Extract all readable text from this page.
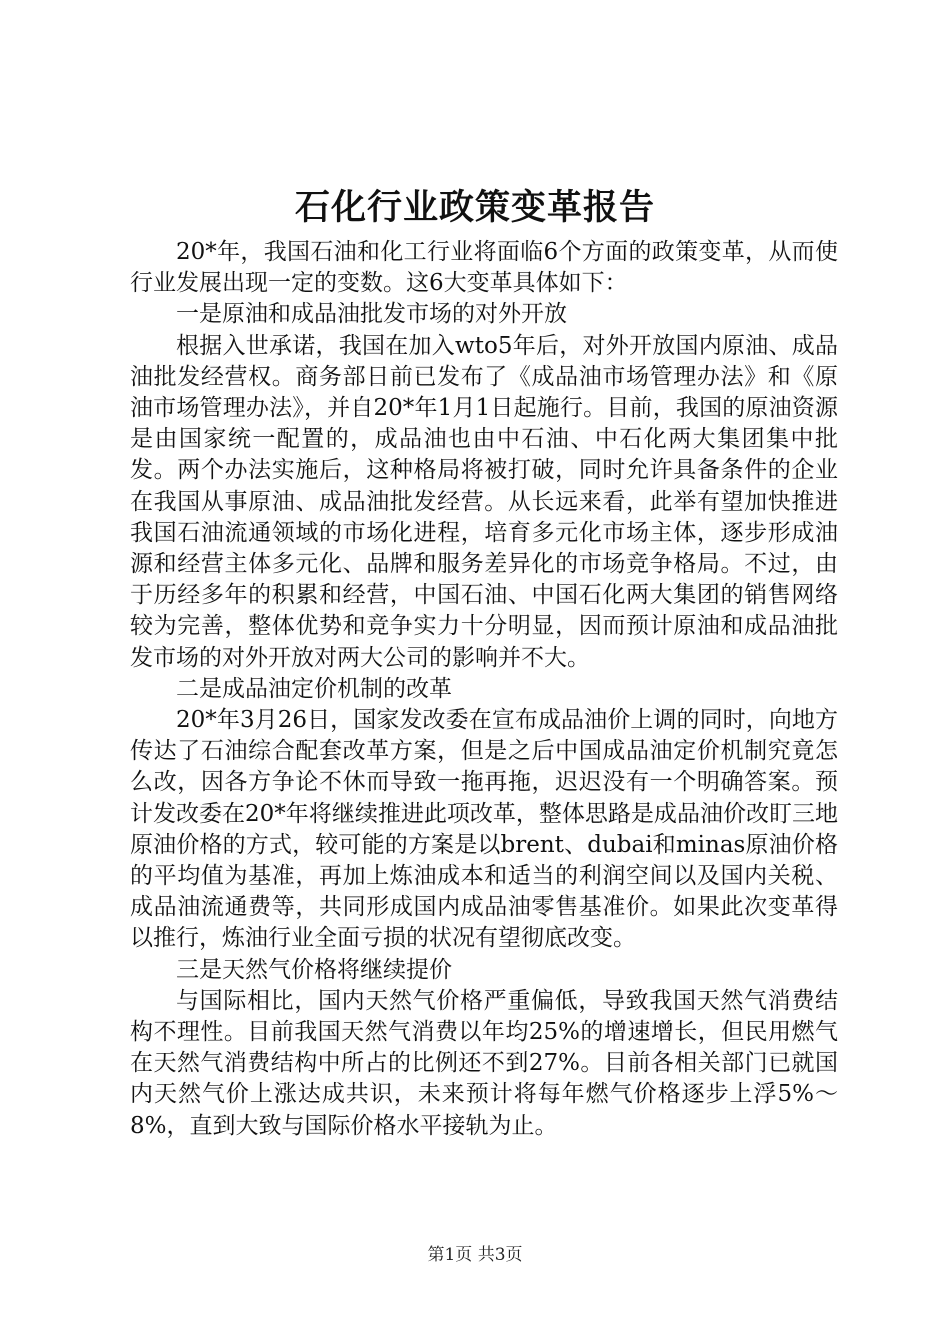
石化行业政策变革报告

20*年，我国石油和化工行业将面临6个方面的政策变革，从而使行业发展出现一定的变数。这6大变革具体如下：

一是原油和成品油批发市场的对外开放

根据入世承诺，我国在加入wto5年后，对外开放国内原油、成品油批发经营权。商务部日前已发布了《成品油市场管理办法》和《原油市场管理办法》，并自20*年1月1日起施行。目前，我国的原油资源是由国家统一配置的，成品油也由中石油、中石化两大集团集中批发。两个办法实施后，这种格局将被打破，同时允许具备条件的企业在我国从事原油、成品油批发经营。从长远来看，此举有望加快推进我国石油流通领域的市场化进程，培育多元化市场主体，逐步形成油源和经营主体多元化、品牌和服务差异化的市场竞争格局。不过，由于历经多年的积累和经营，中国石油、中国石化两大集团的销售网络较为完善，整体优势和竞争实力十分明显，因而预计原油和成品油批发市场的对外开放对两大公司的影响并不大。

二是成品油定价机制的改革

20*年3月26日，国家发改委在宣布成品油价上调的同时，向地方传达了石油综合配套改革方案，但是之后中国成品油定价机制究竟怎么改，因各方争论不休而导致一拖再拖，迟迟没有一个明确答案。预计发改委在20*年将继续推进此项改革，整体思路是成品油价改盯三地原油价格的方式，较可能的方案是以brent、dubai和minas原油价格的平均值为基准，再加上炼油成本和适当的利润空间以及国内关税、成品油流通费等，共同形成国内成品油零售基准价。如果此次变革得以推行，炼油行业全面亏损的状况有望彻底改变。

三是天然气价格将继续提价

与国际相比，国内天然气价格严重偏低，导致我国天然气消费结构不理性。目前我国天然气消费以年均25%的增速增长，但民用燃气在天然气消费结构中所占的比例还不到27%。目前各相关部门已就国内天然气价上涨达成共识，未来预计将每年燃气价格逐步上浮5%～8%，直到大致与国际价格水平接轨为止。

第1页 共3页
